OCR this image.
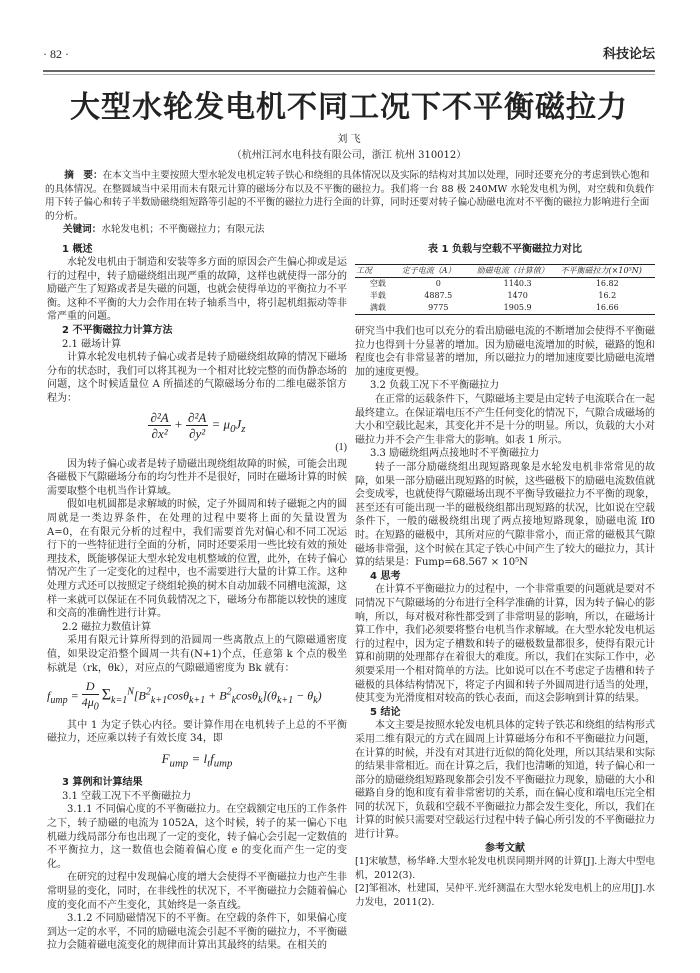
· 82 ·	科技论坛
大型水轮发电机不同工况下不平衡磁拉力
刘 飞
（杭州江河水电科技有限公司，浙江 杭州 310012）
摘　要：在本文当中主要按照大型水轮发电机定转子铁心和绕组的具体情况以及实际的结构对其加以处理，同时还要充分的考虑到铁心饱和的具体情况。在整圆域当中采用而未有限元计算的磁场分布以及不平衡的磁拉力。我们将一台 88 极 240MW 水轮发电机为例，对空载和负载作用下转子偏心和转子半数励磁绕组短路等引起的不平衡的磁拉力进行全面的计算，同时还要对转子偏心励磁电流对不平衡的磁拉力影响进行全面的分析。
关键词：水轮发电机；不平衡磁拉力；有限元法
1 概述

水轮发电机由于制造和安装等多方面的原因会产生偏心抑或是运行的过程中，转子励磁绕组出现严重的故障，这样也就使得一部分的励磁产生了短路或者是失磁的问题，也就会使得单边的平衡拉力不平衡。这种不平衡的大力会作用在转子轴系当中，将引起机组振动等非常严重的问题。

2 不平衡磁拉力计算方法
2.1 磁场计算

计算水轮发电机转子偏心或者是转子励磁绕组故障的情况下磁场分布的状态时，我们可以将其视为一个相对比较完整的而伪静态场的问题，这个时候适量位 A 所描述的气隙磁场分布的二维电磁茶馆方程为：

$\frac{\text{∂²A}}{\text{∂x²}} + \frac{\text{∂²A}}{\text{∂y²}} = \mu_0J_z$
(1)

因为转子偏心或者是转子励磁出现绕组故障的时候，可能会出现各磁极下气隙磁场分布的均匀性并不是很好，同时在磁场计算的时候需要取整个电机当作计算域。

假如电机圆都是求解域的时候，定子外圆周和转子磁轭之内的圆周就是一类边界条件，在处理的过程中要将上面的矢量设置为 A=0，在有限元分析的过程中，我们需要首先对偏心和不同工况运行下的一些特征进行全面的分析，同时还要采用一些比较有效的预处理技术，既能够保证大型水轮发电机整域的位置，此外，在转子偏心情况产生了一定变化的过程中，也不需要进行大量的计算工作。这种处理方式还可以按照定子绕组轮换的树木自动加载不同槽电流源，这样一来就可以保证在不同负载情况之下，磁场分布都能以较快的速度和交高的准确性进行计算。

2.2 磁拉力数值计算

采用有限元计算所得到的沿圆周一些离散点上的气隙磁通密度值，如果设定沿整个圆周一共有(N+1)个点，任意第 k 个点的极坐标就是（rk，θk），对应点的气隙磁通密度为 Bk 就有：

$f_{ump} = \frac{D}{4\mu_0} \Sigma_{k=1}^N[B^2_{k+1}\cos\theta_{k+1} + B^2_k\cos\theta_k](\theta_{k+1} - \theta_k)$

其中 1 为定子铁心内径。要计算作用在电机转子上总的不平衡磁拉力，还应乘以转子有效长度 34，即

$F_{ump} = l_tf_{ump}$
3 算例和计算结果
3.1 空载工况下不平衡磁拉力

3.1.1 不同偏心度的不平衡磁拉力。在空载额定电压的工作条件之下，转子励磁的电流为 1052A，这个时候，转子的某一偏心下电机磁力线局部分布也出现了一定的变化，转子偏心会引起一定数值的不平衡拉力，这一数值也会随着偏心度 e 的变化而产生一定的变化。

在研究的过程中发现偏心度的增大会使得不平衡磁拉力也产生非常明显的变化，同时，在非线性的状况下，不平衡磁拉力会随着偏心度的变化而不产生变化，其始终是一条直线。

3.1.2 不同励磁情况下的不平衡。在空载的条件下，如果偏心度到达一定的水平，不同的励磁电流会引起不平衡的磁拉力，不平衡磁拉力会随着磁电流变化的规律而计算出其最终的结果。在相关的

表 1 负载与空载不平衡磁拉力对比
工况	定子电流（A）	励磁电流（计算值）	不平衡磁拉力(×10⁵N)
空载	0	1140.3	16.82
半载	4887.5	1470	16.2
满载	9775	1905.9	16.66

研究当中我们也可以充分的看出励磁电流的不断增加会使得不平衡磁拉力也得到十分显著的增加。因为励磁电流增加的时候，磁路的饱和程度也会有非常显著的增加，所以磁拉力的增加速度要比励磁电流增加的速度更慢。

3.2 负载工况下不平衡磁拉力

在正常的运载条件下，气隙磁场主要是由定转子电流联合在一起最终建立。在保证端电压不产生任何变化的情况下，气隙合成磁场的大小和空载比起来，其变化并不是十分的明显。所以，负载的大小对磁拉力并不会产生非常大的影响。如表 1 所示。

3.3 励磁绕组两点接地时不平衡磁拉力

转子一部分励磁绕组出现短路现象是水轮发电机非常常见的故障，如果一部分励磁出现短路的时候，这些磁极下的励磁电流数值就会变成零，也就使得气隙磁场出现不平衡导致磁拉力不平衡的现象，甚至还有可能出现一半的磁极绕组都出现短路的状况，比如说在空载条件下，一般的磁极绕组出现了两点接地短路现象，励磁电流 If0 时。在短路的磁极中，其所对应的气隙非常小，而正常的磁极其气隙磁场非常强，这个时候在其定子铁心中间产生了较大的磁拉力，其计算的结果是：Fump=68.567 × 10⁵N

4 思考

在计算不平衡磁拉力的过程中，一个非常重要的问题就是要对不同情况下气隙磁场的分布进行全科学准确的计算，因为转子偏心的影响，所以，每对极对称性都受到了非常明显的影响，所以，在磁场计算工作中，我们必须要将整台电机当作求解域。在大型水轮发电机运行的过程中，因为定子槽数和转子的磁极数量都很多，使得有限元计算和前期的处理都存在着很大的难度。所以，我们在实际工作中，必须要采用一个相对简单的方法。比如说可以在不考虑定子齿槽和转子磁极的具体结构情况下，将定子内圆和转子外圆周进行适当的处理，使其变为光滑度相对较高的铁心表面，而这会影响到计算的结果。

5 结论

本文主要是按照水轮发电机具体的定转子铁芯和绕组的结构形式采用二维有限元的方式在圆周上计算磁场分布和不平衡磁拉力问题，在计算的时候，并没有对其进行近似的简化处理，所以其结果和实际的结果非常相近。而在计算之后，我们也清晰的知道，转子偏心和一部分的励磁绕组短路现象都会引发不平衡磁拉力现象，励磁的大小和磁路自身的饱和度有着非常密切的关系，而在偏心度和端电压完全相同的状况下，负载和空载不平衡磁拉力都会发生变化，所以，我们在计算的时候只需要对空载运行过程中转子偏心所引发的不平衡磁拉力进行计算。

参考文献
[1]宋敏慧，杨华峰.大型水轮发电机误同期并网的计算[J].上海大中型电机，2012(3).
[2]邹祖冰，杜建国，吴仲平.光纤测温在大型水轮发电机上的应用[J].水力发电，2011(2).
